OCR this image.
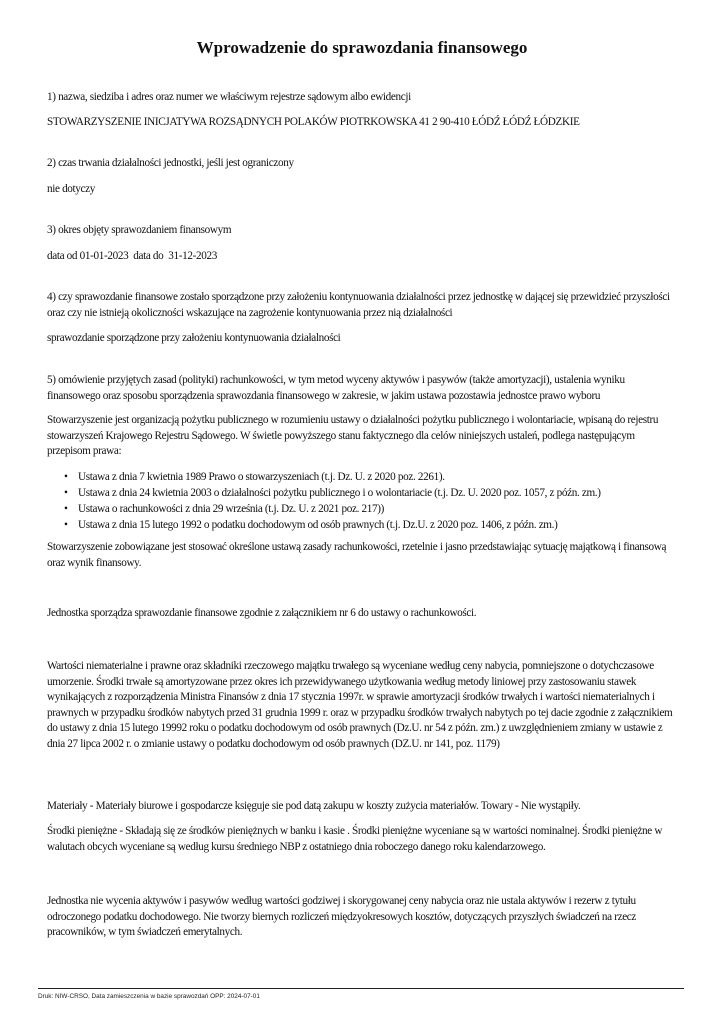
Wprowadzenie do sprawozdania finansowego

1) nazwa, siedziba i adres oraz numer we właściwym rejestrze sądowym albo ewidencji

STOWARZYSZENIE INICJATYWA ROZSĄDNYCH POLAKÓW PIOTRKOWSKA 41 2 90-410 ŁÓDŹ ŁÓDŹ ŁÓDZKIE

2) czas trwania działalności jednostki, jeśli jest ograniczony

nie dotyczy

3) okres objęty sprawozdaniem finansowym

data od 01-01-2023  data do  31-12-2023

4) czy sprawozdanie finansowe zostało sporządzone przy założeniu kontynuowania działalności przez jednostkę w dającej się przewidzieć przyszłości oraz czy nie istnieją okoliczności wskazujące na zagrożenie kontynuowania przez nią działalności

sprawozdanie sporządzone przy założeniu kontynuowania działalności

5) omówienie przyjętych zasad (polityki) rachunkowości, w tym metod wyceny aktywów i pasywów (także amortyzacji), ustalenia wyniku finansowego oraz sposobu sporządzenia sprawozdania finansowego w zakresie, w jakim ustawa pozostawia jednostce prawo wyboru

Stowarzyszenie jest organizacją pożytku publicznego w rozumieniu ustawy o działalności pożytku publicznego i wolontariacie, wpisaną do rejestru stowarzyszeń Krajowego Rejestru Sądowego. W świetle powyższego stanu faktycznego dla celów niniejszych ustaleń, podlega następującym przepisom prawa:

• Ustawa z dnia 7 kwietnia 1989 Prawo o stowarzyszeniach (t.j. Dz. U. z 2020 poz. 2261).
• Ustawa z dnia 24 kwietnia 2003 o działalności pożytku publicznego i o wolontariacie (t.j. Dz. U. 2020 poz. 1057, z późn. zm.)
• Ustawa o rachunkowości z dnia 29 września (t.j. Dz. U. z 2021 poz. 217))
• Ustawa z dnia 15 lutego 1992 o podatku dochodowym od osób prawnych (t.j. Dz.U. z 2020 poz. 1406, z późn. zm.)

Stowarzyszenie zobowiązane jest stosować określone ustawą zasady rachunkowości, rzetelnie i jasno przedstawiając sytuację majątkową i finansową oraz wynik finansowy.

Jednostka sporządza sprawozdanie finansowe zgodnie z załącznikiem nr 6 do ustawy o rachunkowości.

Wartości niematerialne i prawne oraz składniki rzeczowego majątku trwałego są wyceniane według ceny nabycia, pomniejszone o dotychczasowe umorzenie. Środki trwałe są amortyzowane przez okres ich przewidywanego użytkowania według metody liniowej przy zastosowaniu stawek wynikających z rozporządzenia Ministra Finansów z dnia 17 stycznia 1997r. w sprawie amortyzacji środków trwałych i wartości niematerialnych i prawnych w przypadku środków nabytych przed 31 grudnia 1999 r. oraz w przypadku środków trwałych nabytych po tej dacie zgodnie z załącznikiem do ustawy z dnia 15 lutego 19992 roku o podatku dochodowym od osób prawnych (Dz.U. nr 54 z późn. zm.) z uwzględnieniem zmiany w ustawie z dnia 27 lipca 2002 r. o zmianie ustawy o podatku dochodowym od osób prawnych (DZ.U. nr 141, poz. 1179)

Materiały - Materiały biurowe i gospodarcze księguje sie pod datą zakupu w koszty zużycia materiałów. Towary - Nie wystąpiły.

Środki pieniężne - Składają się ze środków pieniężnych w banku i kasie . Środki pieniężne wyceniane są w wartości nominalnej. Środki pieniężne w walutach obcych wyceniane są według kursu średniego NBP z ostatniego dnia roboczego danego roku kalendarzowego.

Jednostka nie wycenia aktywów i pasywów według wartości godziwej i skorygowanej ceny nabycia oraz nie ustala aktywów i rezerw z tytułu odroczonego podatku dochodowego. Nie tworzy biernych rozliczeń międzyokresowych kosztów, dotyczących przyszłych świadczeń na rzecz pracowników, w tym świadczeń emerytalnych.

Druk: NIW-CRSO, Data zamieszczenia w bazie sprawozdań OPP: 2024-07-01
